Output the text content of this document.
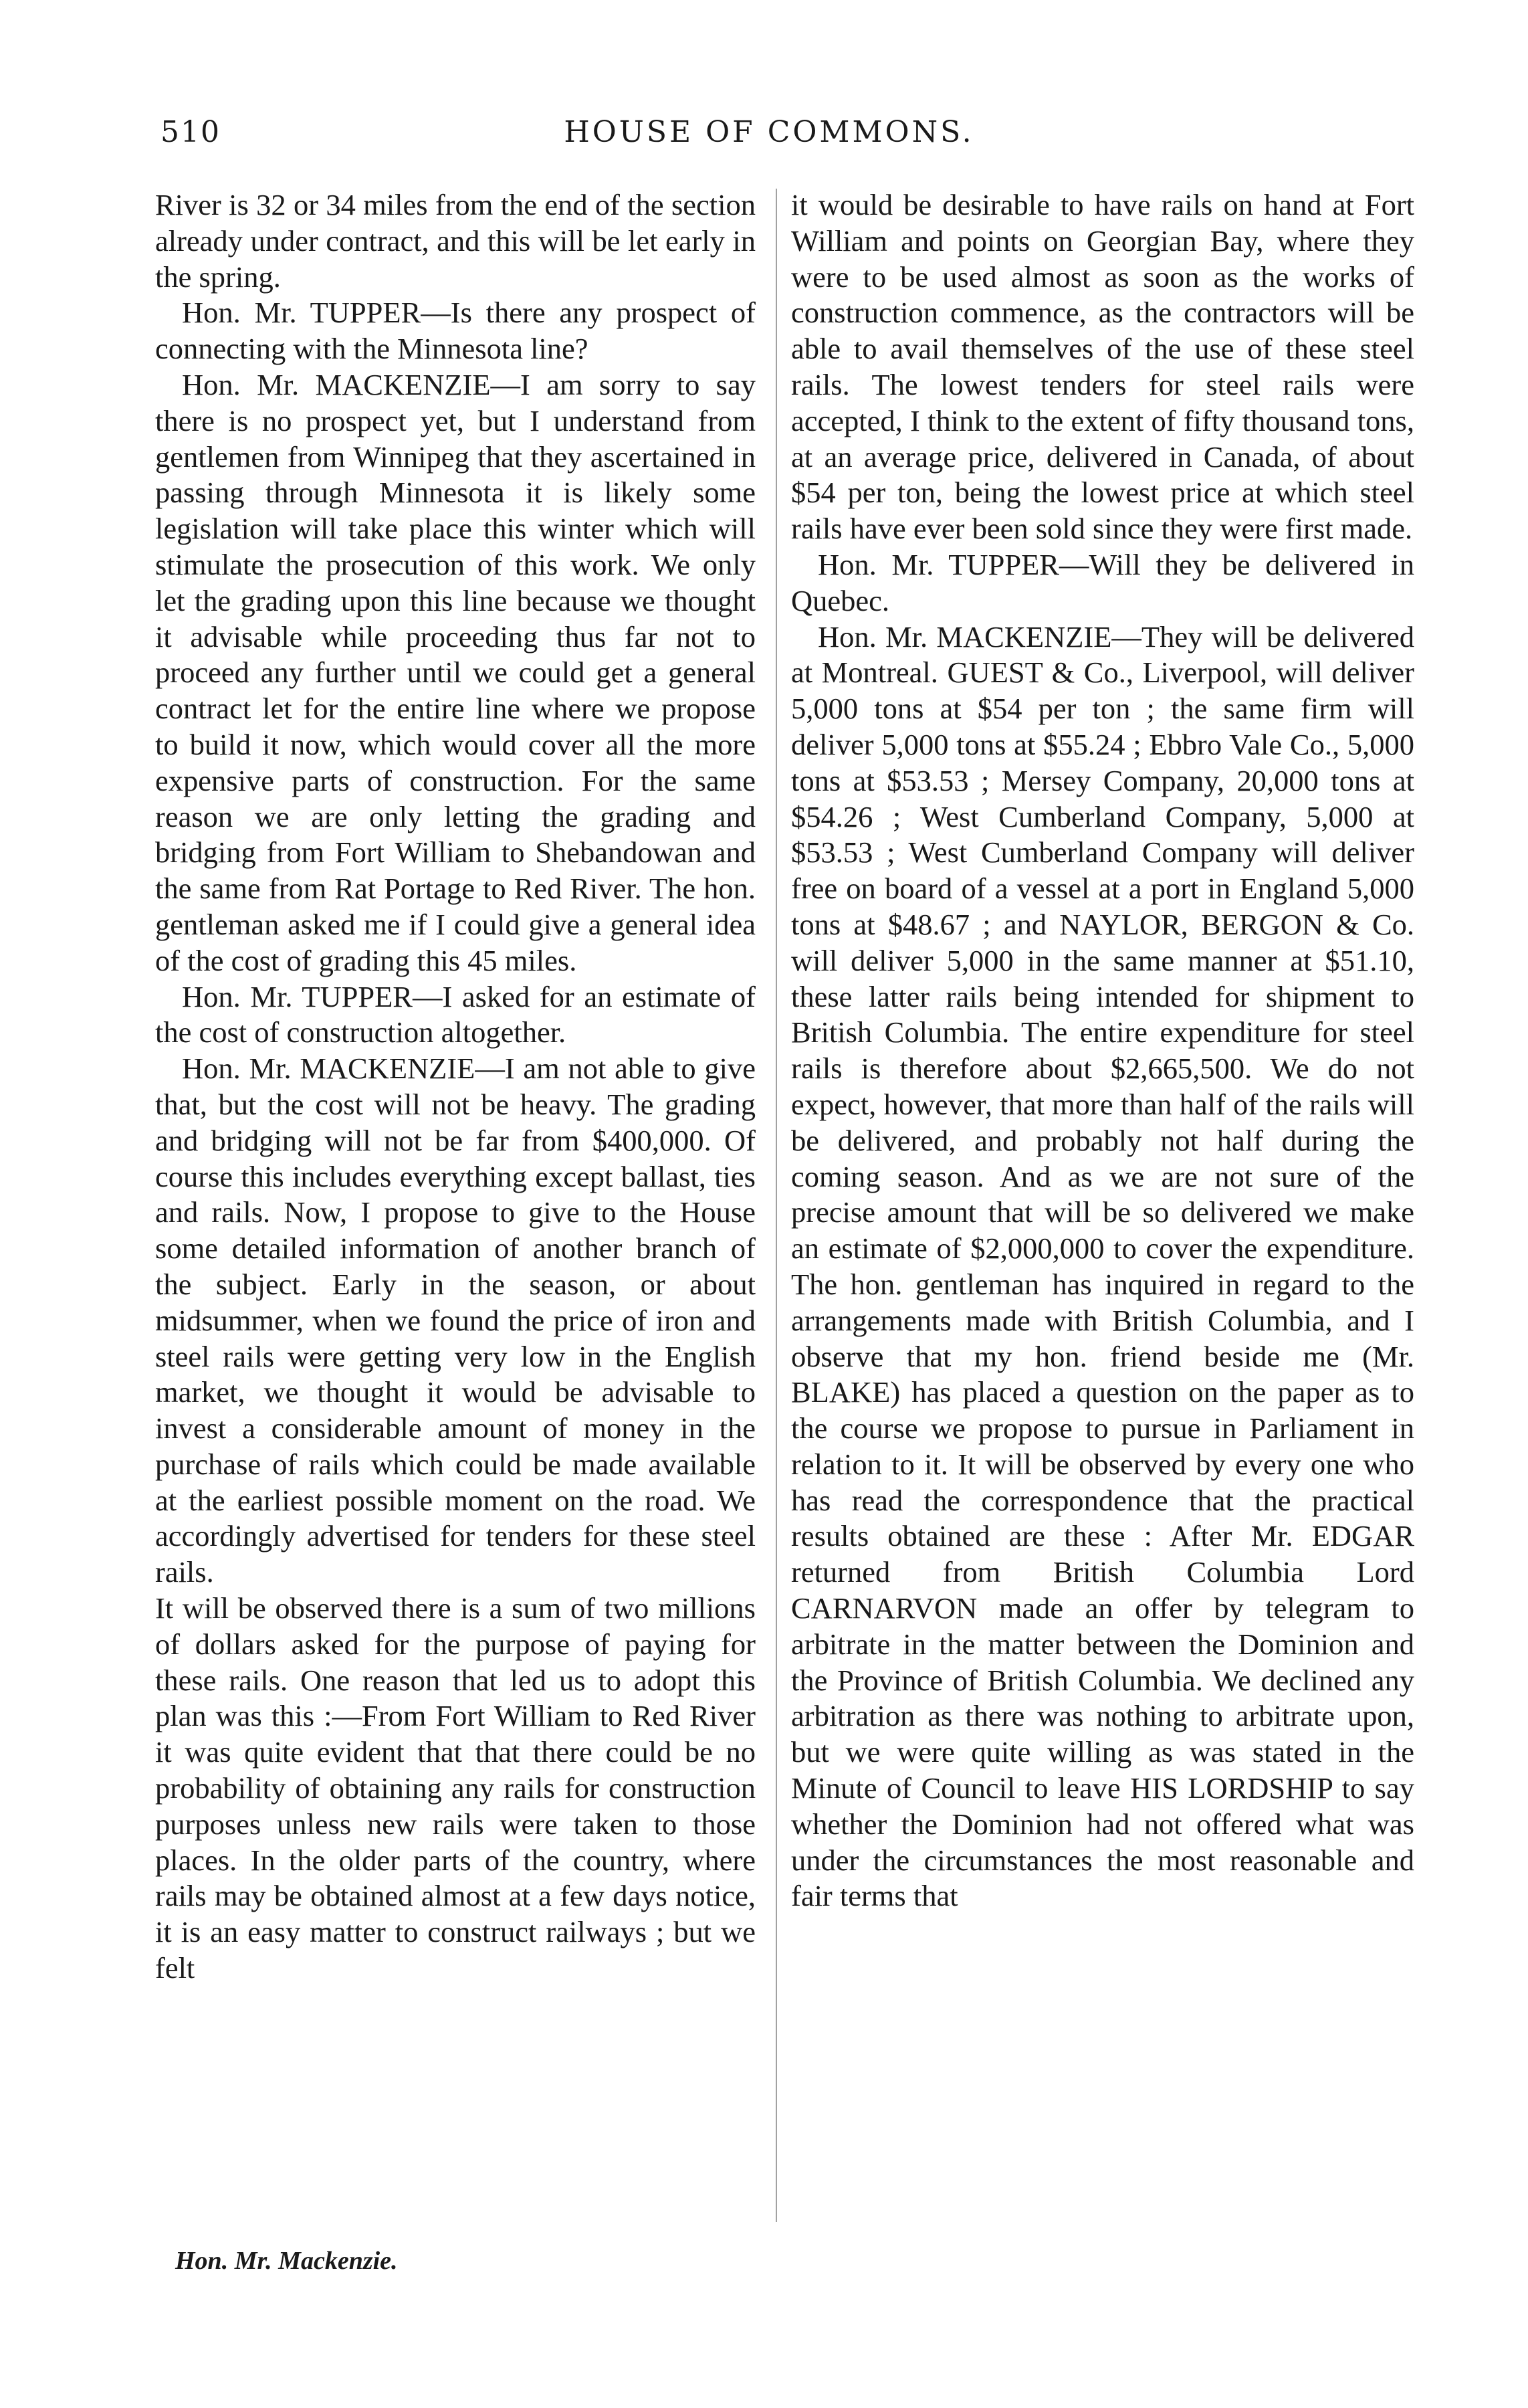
510	HOUSE OF COMMONS.

River is 32 or 34 miles from the end of the section already under contract, and this will be let early in the spring.

Hon. Mr. TUPPER—Is there any prospect of connecting with the Minnesota line?

Hon. Mr. MACKENZIE—I am sorry to say there is no prospect yet, but I understand from gentlemen from Winnipeg that they ascertained in passing through Minnesota it is likely some legislation will take place this winter which will stimulate the prosecution of this work. We only let the grading upon this line because we thought it advisable while proceeding thus far not to proceed any further until we could get a general contract let for the entire line where we propose to build it now, which would cover all the more expensive parts of construction. For the same reason we are only letting the grading and bridging from Fort William to Shebandowan and the same from Rat Portage to Red River. The hon. gentleman asked me if I could give a general idea of the cost of grading this 45 miles.

Hon. Mr. TUPPER—I asked for an estimate of the cost of construction altogether.

Hon. Mr. MACKENZIE—I am not able to give that, but the cost will not be heavy. The grading and bridging will not be far from $400,000. Of course this includes everything except ballast, ties and rails. Now, I propose to give to the House some detailed information of another branch of the subject. Early in the season, or about midsummer, when we found the price of iron and steel rails were getting very low in the English market, we thought it would be advisable to invest a considerable amount of money in the purchase of rails which could be made available at the earliest possible moment on the road. We accordingly advertised for tenders for these steel rails.

It will be observed there is a sum of two millions of dollars asked for the purpose of paying for these rails. One reason that led us to adopt this plan was this :—From Fort William to Red River it was quite evident that that there could be no probability of obtaining any rails for construction purposes unless new rails were taken to those places. In the older parts of the country, where rails may be obtained almost at a few days notice, it is an easy matter to construct railways ; but we felt

it would be desirable to have rails on hand at Fort William and points on Georgian Bay, where they were to be used almost as soon as the works of construction commence, as the contractors will be able to avail themselves of the use of these steel rails. The lowest tenders for steel rails were accepted, I think to the extent of fifty thousand tons, at an average price, delivered in Canada, of about $54 per ton, being the lowest price at which steel rails have ever been sold since they were first made.

Hon. Mr. TUPPER—Will they be delivered in Quebec.

Hon. Mr. MACKENZIE—They will be delivered at Montreal. GUEST & Co., Liverpool, will deliver 5,000 tons at $54 per ton ; the same firm will deliver 5,000 tons at $55.24 ; Ebbro Vale Co., 5,000 tons at $53.53 ; Mersey Company, 20,000 tons at $54.26 ; West Cumberland Company, 5,000 at $53.53 ; West Cumberland Company will deliver free on board of a vessel at a port in England 5,000 tons at $48.67 ; and NAYLOR, BERGON & Co. will deliver 5,000 in the same manner at $51.10, these latter rails being intended for shipment to British Columbia. The entire expenditure for steel rails is therefore about $2,665,500. We do not expect, however, that more than half of the rails will be delivered, and probably not half during the coming season. And as we are not sure of the precise amount that will be so delivered we make an estimate of $2,000,000 to cover the expenditure. The hon. gentleman has inquired in regard to the arrangements made with British Columbia, and I observe that my hon. friend beside me (Mr. BLAKE) has placed a question on the paper as to the course we propose to pursue in Parliament in relation to it. It will be observed by every one who has read the correspondence that the practical results obtained are these : After Mr. EDGAR returned from British Columbia Lord CARNARVON made an offer by telegram to arbitrate in the matter between the Dominion and the Province of British Columbia. We declined any arbitration as there was nothing to arbitrate upon, but we were quite willing as was stated in the Minute of Council to leave HIS LORDSHIP to say whether the Dominion had not offered what was under the circumstances the most reasonable and fair terms that

Hon. Mr. Mackenzie.
